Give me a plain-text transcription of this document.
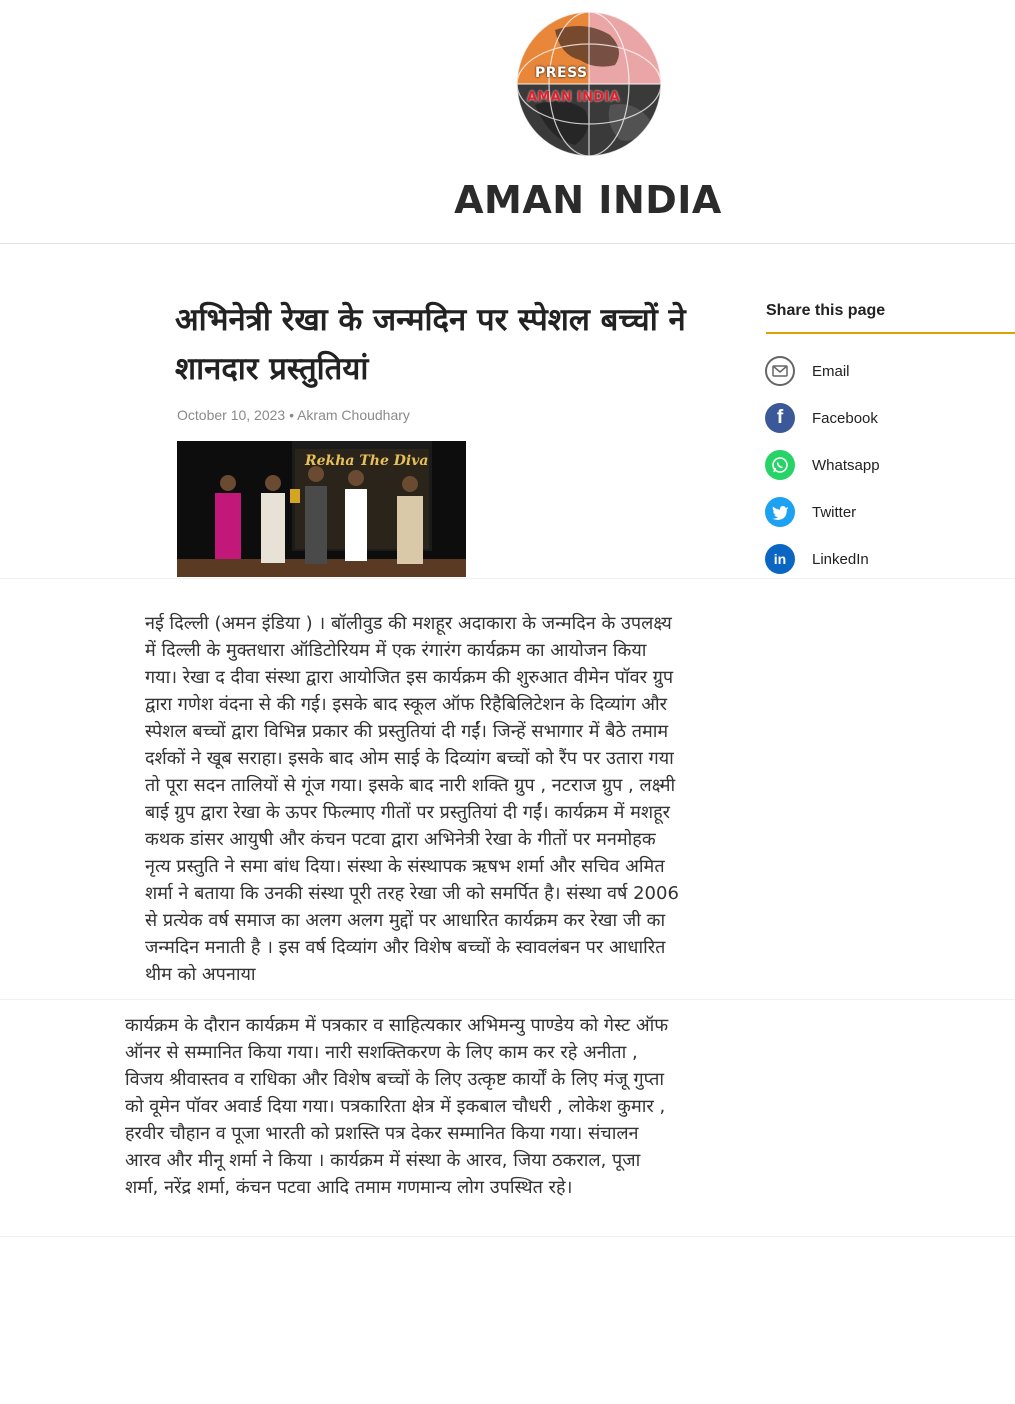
PRESS
AMAN INDIA
AMAN INDIA
अभिनेत्री रेखा के जन्मदिन पर स्पेशल बच्चों ने शानदार प्रस्तुतियां
October 10, 2023 • Akram Choudhary
Rekha The Diva
Share this page
Email
f Facebook
Whatsapp
Twitter
in LinkedIn

नई दिल्ली (अमन इंडिया ) । बॉलीवुड की मशहूर अदाकारा के जन्मदिन के उपलक्ष्य में दिल्ली के मुक्तधारा ऑडिटोरियम में एक रंगारंग कार्यक्रम का आयोजन किया गया। रेखा द दीवा संस्था द्वारा आयोजित इस कार्यक्रम की शुरुआत वीमेन पॉवर ग्रुप द्वारा गणेश वंदना से की गई। इसके बाद स्कूल ऑफ रिहैबिलिटेशन के दिव्यांग और स्पेशल बच्चों द्वारा विभिन्न प्रकार की प्रस्तुतियां दी गईं। जिन्हें सभागार में बैठे तमाम दर्शकों ने खूब सराहा। इसके बाद ओम साई के दिव्यांग बच्चों को रैंप पर उतारा गया तो पूरा सदन तालियों से गूंज गया। इसके बाद नारी शक्ति ग्रुप , नटराज ग्रुप , लक्ष्मी बाई ग्रुप द्वारा रेखा के ऊपर फिल्माए गीतों पर प्रस्तुतियां दी गईं। कार्यक्रम में मशहूर कथक डांसर आयुषी और कंचन पटवा द्वारा अभिनेत्री रेखा के गीतों पर मनमोहक नृत्य प्रस्तुति ने समा बांध दिया। संस्था के संस्थापक ऋषभ शर्मा और सचिव अमित शर्मा ने बताया कि उनकी संस्था पूरी तरह रेखा जी को समर्पित है। संस्था वर्ष 2006 से प्रत्येक वर्ष समाज का अलग अलग मुद्दों पर आधारित कार्यक्रम कर रेखा जी का जन्मदिन मनाती है । इस वर्ष दिव्यांग और विशेष बच्चों के स्वावलंबन पर आधारित थीम को अपनाया

कार्यक्रम के दौरान कार्यक्रम में पत्रकार व साहित्यकार अभिमन्यु पाण्डेय को गेस्ट ऑफ ऑनर से सम्मानित किया गया। नारी सशक्तिकरण के लिए काम कर रहे अनीता , विजय श्रीवास्तव व राधिका और विशेष बच्चों के लिए उत्कृष्ट कार्यों के लिए मंजू गुप्ता को वूमेन पॉवर अवार्ड दिया गया। पत्रकारिता क्षेत्र में इकबाल चौधरी , लोकेश कुमार , हरवीर चौहान व पूजा भारती को प्रशस्ति पत्र देकर सम्मानित किया गया। संचालन आरव और मीनू शर्मा ने किया । कार्यक्रम में संस्था के आरव, जिया ठकराल, पूजा शर्मा, नरेंद्र शर्मा, कंचन पटवा आदि तमाम गणमान्य लोग उपस्थित रहे।
